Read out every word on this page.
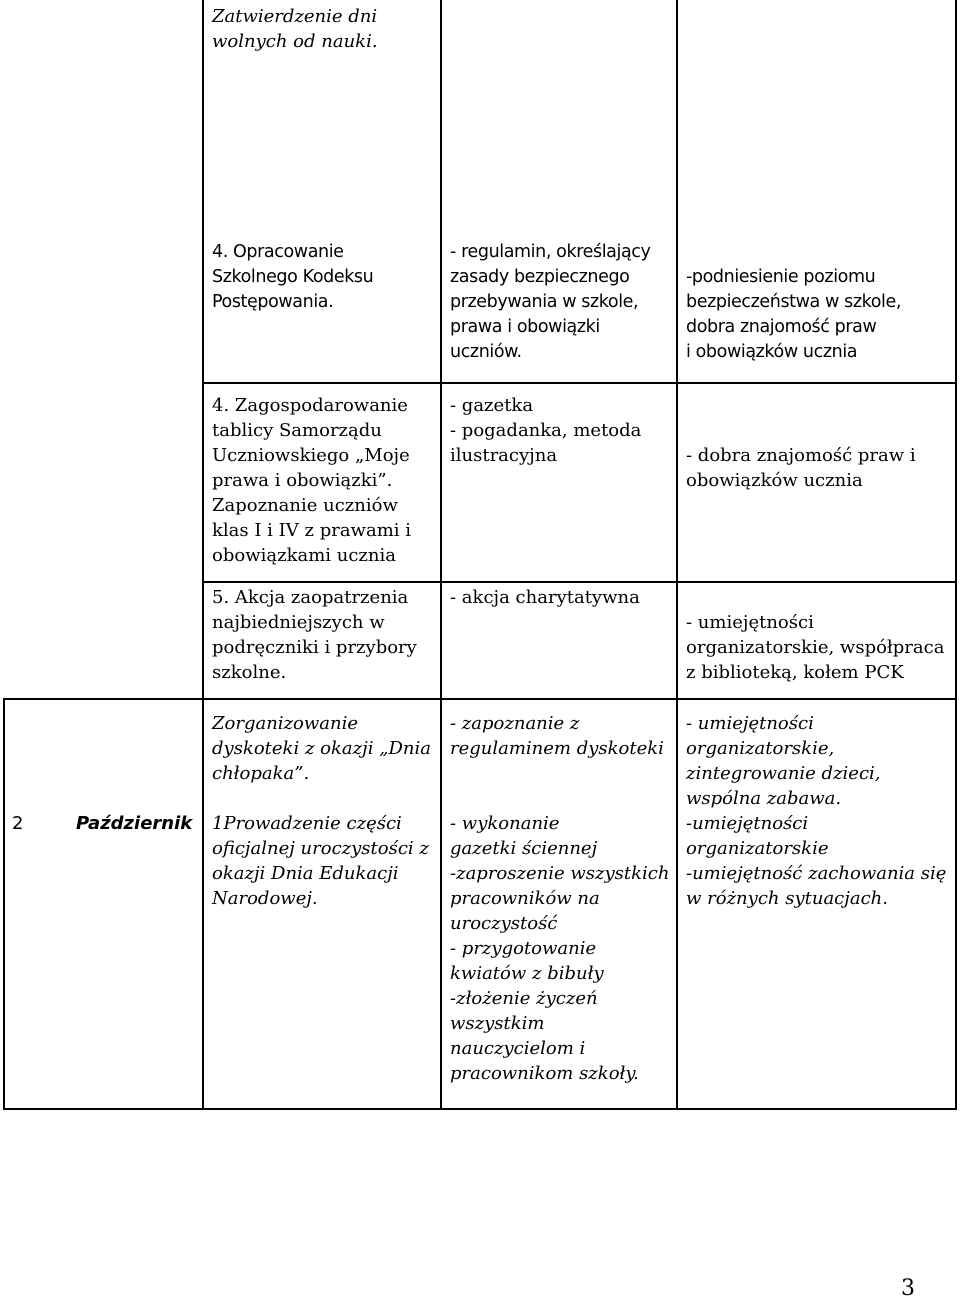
Zatwierdzenie dni
wolnych od nauki.

4. Opracowanie
Szkolnego Kodeksu
Postępowania.

- regulamin, określający
zasady bezpiecznego
przebywania w szkole,
prawa i obowiązki
uczniów.

-podniesienie poziomu
bezpieczeństwa w szkole,
dobra znajomość praw
i obowiązków ucznia

4. Zagospodarowanie
tablicy Samorządu
Uczniowskiego „Moje
prawa i obowiązki”.
Zapoznanie uczniów
klas I i IV z prawami i
obowiązkami ucznia

- gazetka
- pogadanka, metoda
ilustracyjna	- dobra znajomość praw i
obowiązków ucznia

5. Akcja zaopatrzenia
najbiedniejszych w
podręczniki i przybory
szkolne.

- akcja charytatywna

- umiejętności
organizatorskie, współpraca
z biblioteką, kołem PCK

2	Październik

Zorganizowanie
dyskoteki z okazji „Dnia
chłopaka”.

1Prowadzenie części
oficjalnej uroczystości z
okazji Dnia Edukacji
Narodowej.

- zapoznanie z
regulaminem dyskoteki

- wykonanie
gazetki ściennej
-zaproszenie wszystkich
pracowników na
uroczystość
- przygotowanie
kwiatów z bibuły
-złożenie życzeń
wszystkim
nauczycielom i
pracownikom szkoły.

- umiejętności
organizatorskie,
zintegrowanie dzieci,
wspólna zabawa.

-umiejętności
organizatorskie
-umiejętność zachowania się
w różnych sytuacjach.

3
